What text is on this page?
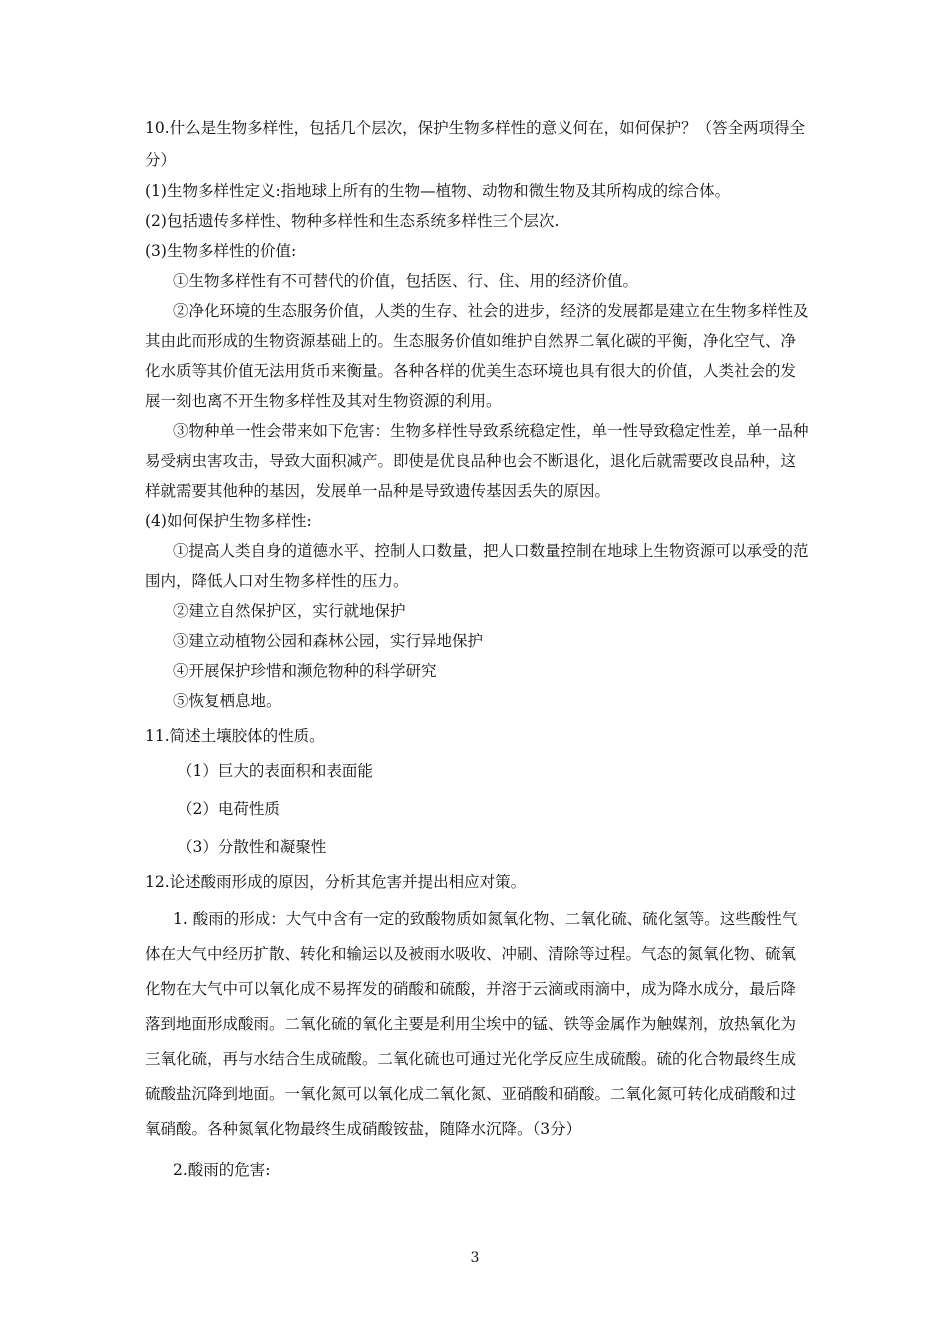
10.什么是生物多样性，包括几个层次，保护生物多样性的意义何在，如何保护？（答全两项得全分）

(1)生物多样性定义:指地球上所有的生物—植物、动物和微生物及其所构成的综合体。

(2)包括遗传多样性、物种多样性和生态系统多样性三个层次.

(3)生物多样性的价值:

①生物多样性有不可替代的价值，包括医、行、住、用的经济价值。

②净化环境的生态服务价值，人类的生存、社会的进步，经济的发展都是建立在生物多样性及其由此而形成的生物资源基础上的。生态服务价值如维护自然界二氧化碳的平衡，净化空气、净化水质等其价值无法用货币来衡量。各种各样的优美生态环境也具有很大的价值，人类社会的发展一刻也离不开生物多样性及其对生物资源的利用。

③物种单一性会带来如下危害：生物多样性导致系统稳定性，单一性导致稳定性差，单一品种易受病虫害攻击，导致大面积减产。即使是优良品种也会不断退化，退化后就需要改良品种，这样就需要其他种的基因，发展单一品种是导致遗传基因丢失的原因。

(4)如何保护生物多样性:

①提高人类自身的道德水平、控制人口数量，把人口数量控制在地球上生物资源可以承受的范围内，降低人口对生物多样性的压力。

②建立自然保护区，实行就地保护

③建立动植物公园和森林公园，实行异地保护

④开展保护珍惜和濒危物种的科学研究

⑤恢复栖息地。

11.简述土壤胶体的性质。

（1）巨大的表面积和表面能

（2）电荷性质

（3）分散性和凝聚性

12.论述酸雨形成的原因，分析其危害并提出相应对策。

1. 酸雨的形成：大气中含有一定的致酸物质如氮氧化物、二氧化硫、硫化氢等。这些酸性气体在大气中经历扩散、转化和输运以及被雨水吸收、冲刷、清除等过程。气态的氮氧化物、硫氧化物在大气中可以氧化成不易挥发的硝酸和硫酸，并溶于云滴或雨滴中，成为降水成分，最后降落到地面形成酸雨。二氧化硫的氧化主要是利用尘埃中的锰、铁等金属作为触媒剂，放热氧化为三氧化硫，再与水结合生成硫酸。二氧化硫也可通过光化学反应生成硫酸。硫的化合物最终生成硫酸盐沉降到地面。一氧化氮可以氧化成二氧化氮、亚硝酸和硝酸。二氧化氮可转化成硝酸和过氧硝酸。各种氮氧化物最终生成硝酸铵盐，随降水沉降。（3分）

2.酸雨的危害:

3
